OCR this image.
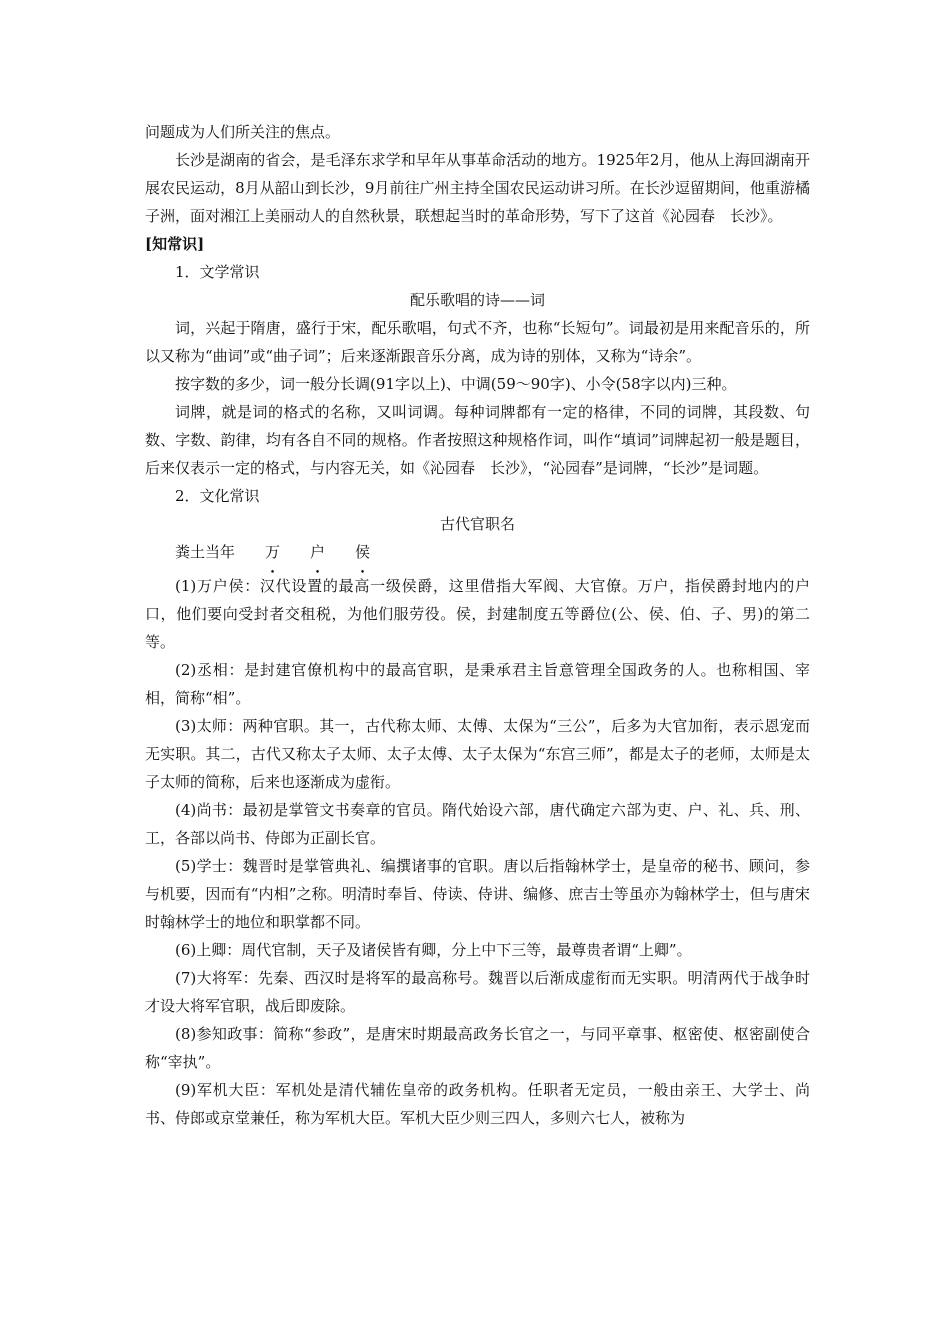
问题成为人们所关注的焦点。

长沙是湖南的省会，是毛泽东求学和早年从事革命活动的地方。1925年2月，他从上海回湖南开展农民运动，8月从韶山到长沙，9月前往广州主持全国农民运动讲习所。在长沙逗留期间，他重游橘子洲，面对湘江上美丽动人的自然秋景，联想起当时的革命形势，写下了这首《沁园春　长沙》。

[知常识]

1．文学常识

配乐歌唱的诗——词

词，兴起于隋唐，盛行于宋，配乐歌唱，句式不齐，也称“长短句”。词最初是用来配音乐的，所以又称为“曲词”或“曲子词”；后来逐渐跟音乐分离，成为诗的别体，又称为“诗余”。

按字数的多少，词一般分长调(91字以上)、中调(59～90字)、小令(58字以内)三种。

词牌，就是词的格式的名称，又叫词调。每种词牌都有一定的格律，不同的词牌，其段数、句数、字数、韵律，均有各自不同的规格。作者按照这种规格作词，叫作“填词”词牌起初一般是题目，后来仅表示一定的格式，与内容无关，如《沁园春　长沙》，“沁园春”是词牌，“长沙”是词题。

2．文化常识

古代官职名

粪土当年 万 户 侯

(1)万户侯：汉代设置的最高一级侯爵，这里借指大军阀、大官僚。万户，指侯爵封地内的户口，他们要向受封者交租税，为他们服劳役。侯，封建制度五等爵位(公、侯、伯、子、男)的第二等。

(2)丞相：是封建官僚机构中的最高官职，是秉承君主旨意管理全国政务的人。也称相国、宰相，简称“相”。

(3)太师：两种官职。其一，古代称太师、太傅、太保为“三公”，后多为大官加衔，表示恩宠而无实职。其二，古代又称太子太师、太子太傅、太子太保为“东宫三师”，都是太子的老师，太师是太子太师的简称，后来也逐渐成为虚衔。

(4)尚书：最初是掌管文书奏章的官员。隋代始设六部，唐代确定六部为吏、户、礼、兵、刑、工，各部以尚书、侍郎为正副长官。

(5)学士：魏晋时是掌管典礼、编撰诸事的官职。唐以后指翰林学士，是皇帝的秘书、顾问，参与机要，因而有“内相”之称。明清时奉旨、侍读、侍讲、编修、庶吉士等虽亦为翰林学士，但与唐宋时翰林学士的地位和职掌都不同。

(6)上卿：周代官制，天子及诸侯皆有卿，分上中下三等，最尊贵者谓“上卿”。

(7)大将军：先秦、西汉时是将军的最高称号。魏晋以后渐成虚衔而无实职。明清两代于战争时才设大将军官职，战后即废除。

(8)参知政事：简称“参政”，是唐宋时期最高政务长官之一，与同平章事、枢密使、枢密副使合称“宰执”。

(9)军机大臣：军机处是清代辅佐皇帝的政务机构。任职者无定员，一般由亲王、大学士、尚书、侍郎或京堂兼任，称为军机大臣。军机大臣少则三四人，多则六七人，被称为
